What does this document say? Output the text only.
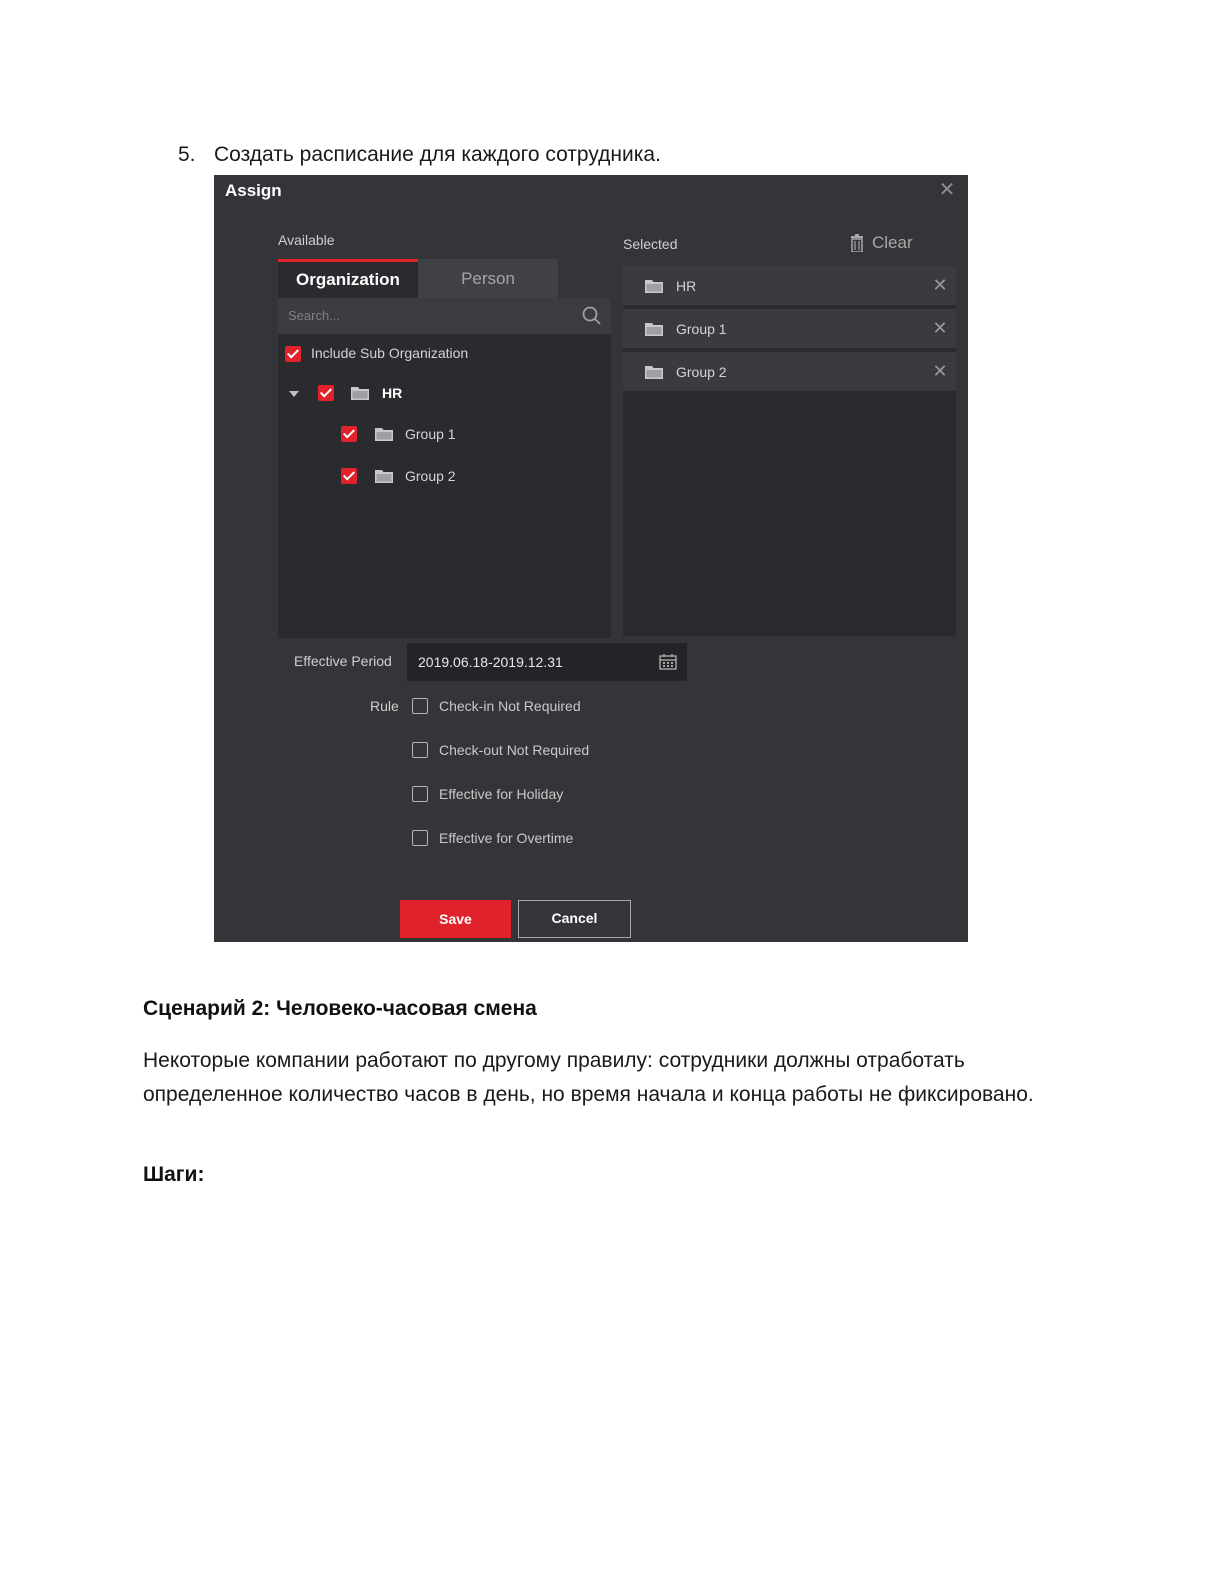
5. Создать расписание для каждого сотрудника.
Assign	✕
Available
Organization	Person
Search...
Include Sub Organization
HR
Group 1
Group 2
Selected	Clear
HR	✕
Group 1	✕
Group 2	✕
Effective Period 2019.06.18-2019.12.31
Rule	Check-in Not Required
Check-out Not Required
Effective for Holiday
Effective for Overtime
Save	Cancel
Сценарий 2: Человеко-часовая смена
Некоторые компании работают по другому правилу: сотрудники должны отработать определенное количество часов в день, но время начала и конца работы не фиксировано.
Шаги:
